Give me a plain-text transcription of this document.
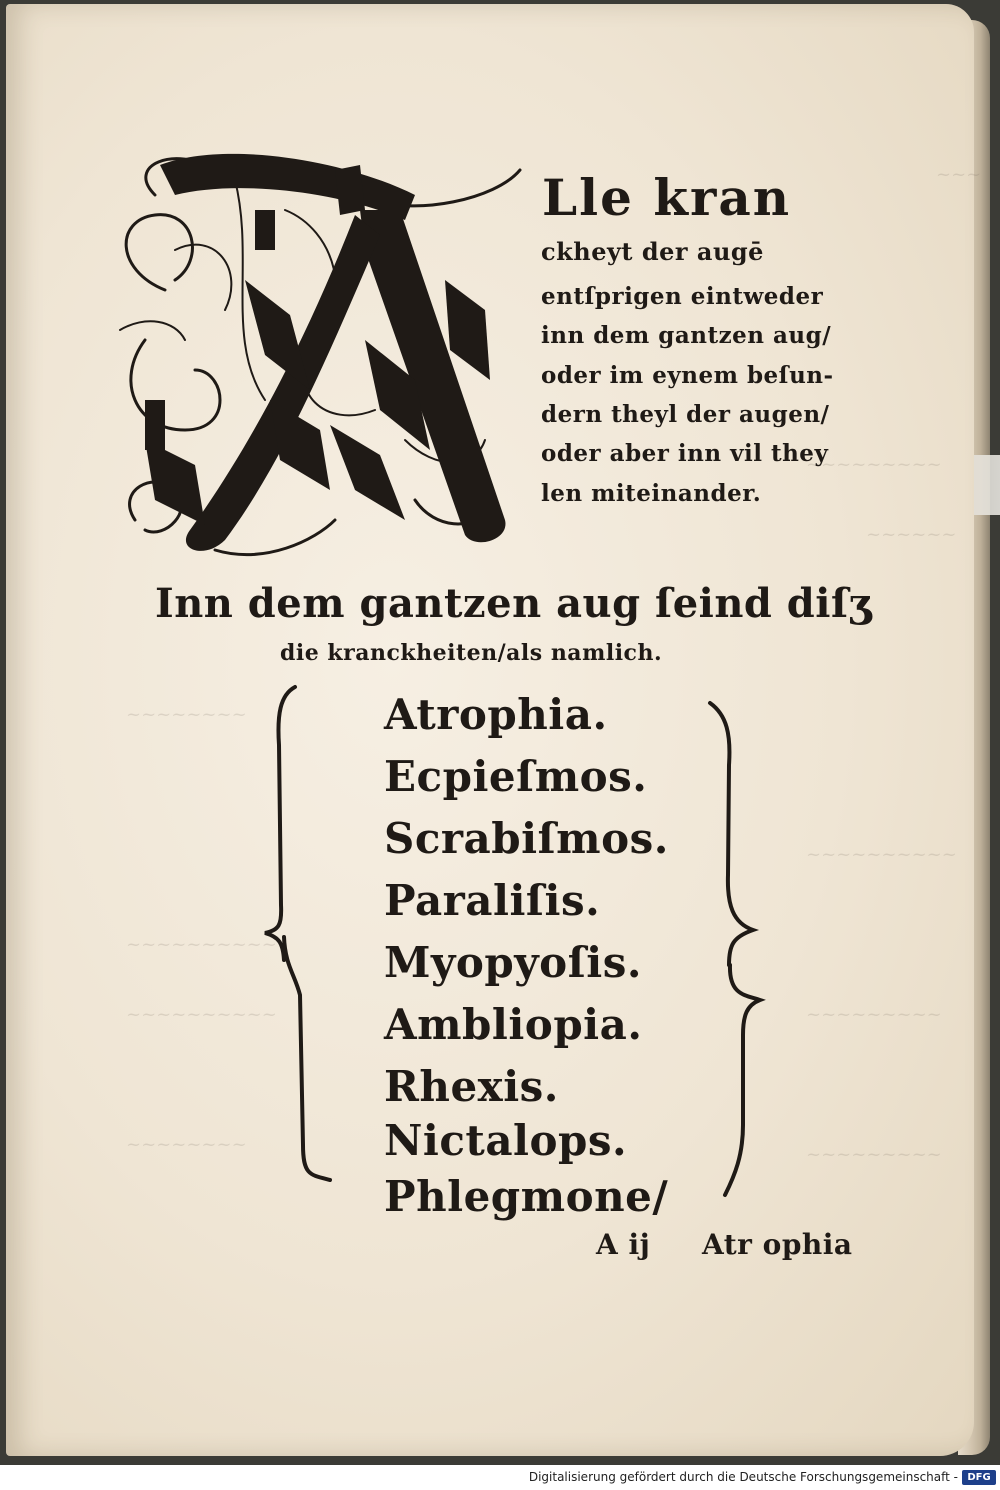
~~~
~~~~~~~~~
~~~~~~
~~~~~~~~
~~~~~~~~~~
~~~~~~~~~~
~~~~~~~~~~	~~~~~~~~~
~~~~~~~~	~~~~~~~~~
Lle kran
ckheyt der augē
entſprigen eintweder
inn dem gantzen aug/
oder im eynem beſun-
dern theyl der augen/
oder aber inn vil they
len miteinander.
Inn dem gantzen aug ſeind diſʒ
die kranckheiten/als namlich.
Atrophia.
Ecpieſmos.
Scrabiſmos.
Paraliſis.
Myopyoſis.
Ambliopia.
Rhexis.
Nictalops.
Phlegmone/
A ij Atr ophia
Digitalisierung gefördert durch die Deutsche Forschungsgemeinschaft - DFG
